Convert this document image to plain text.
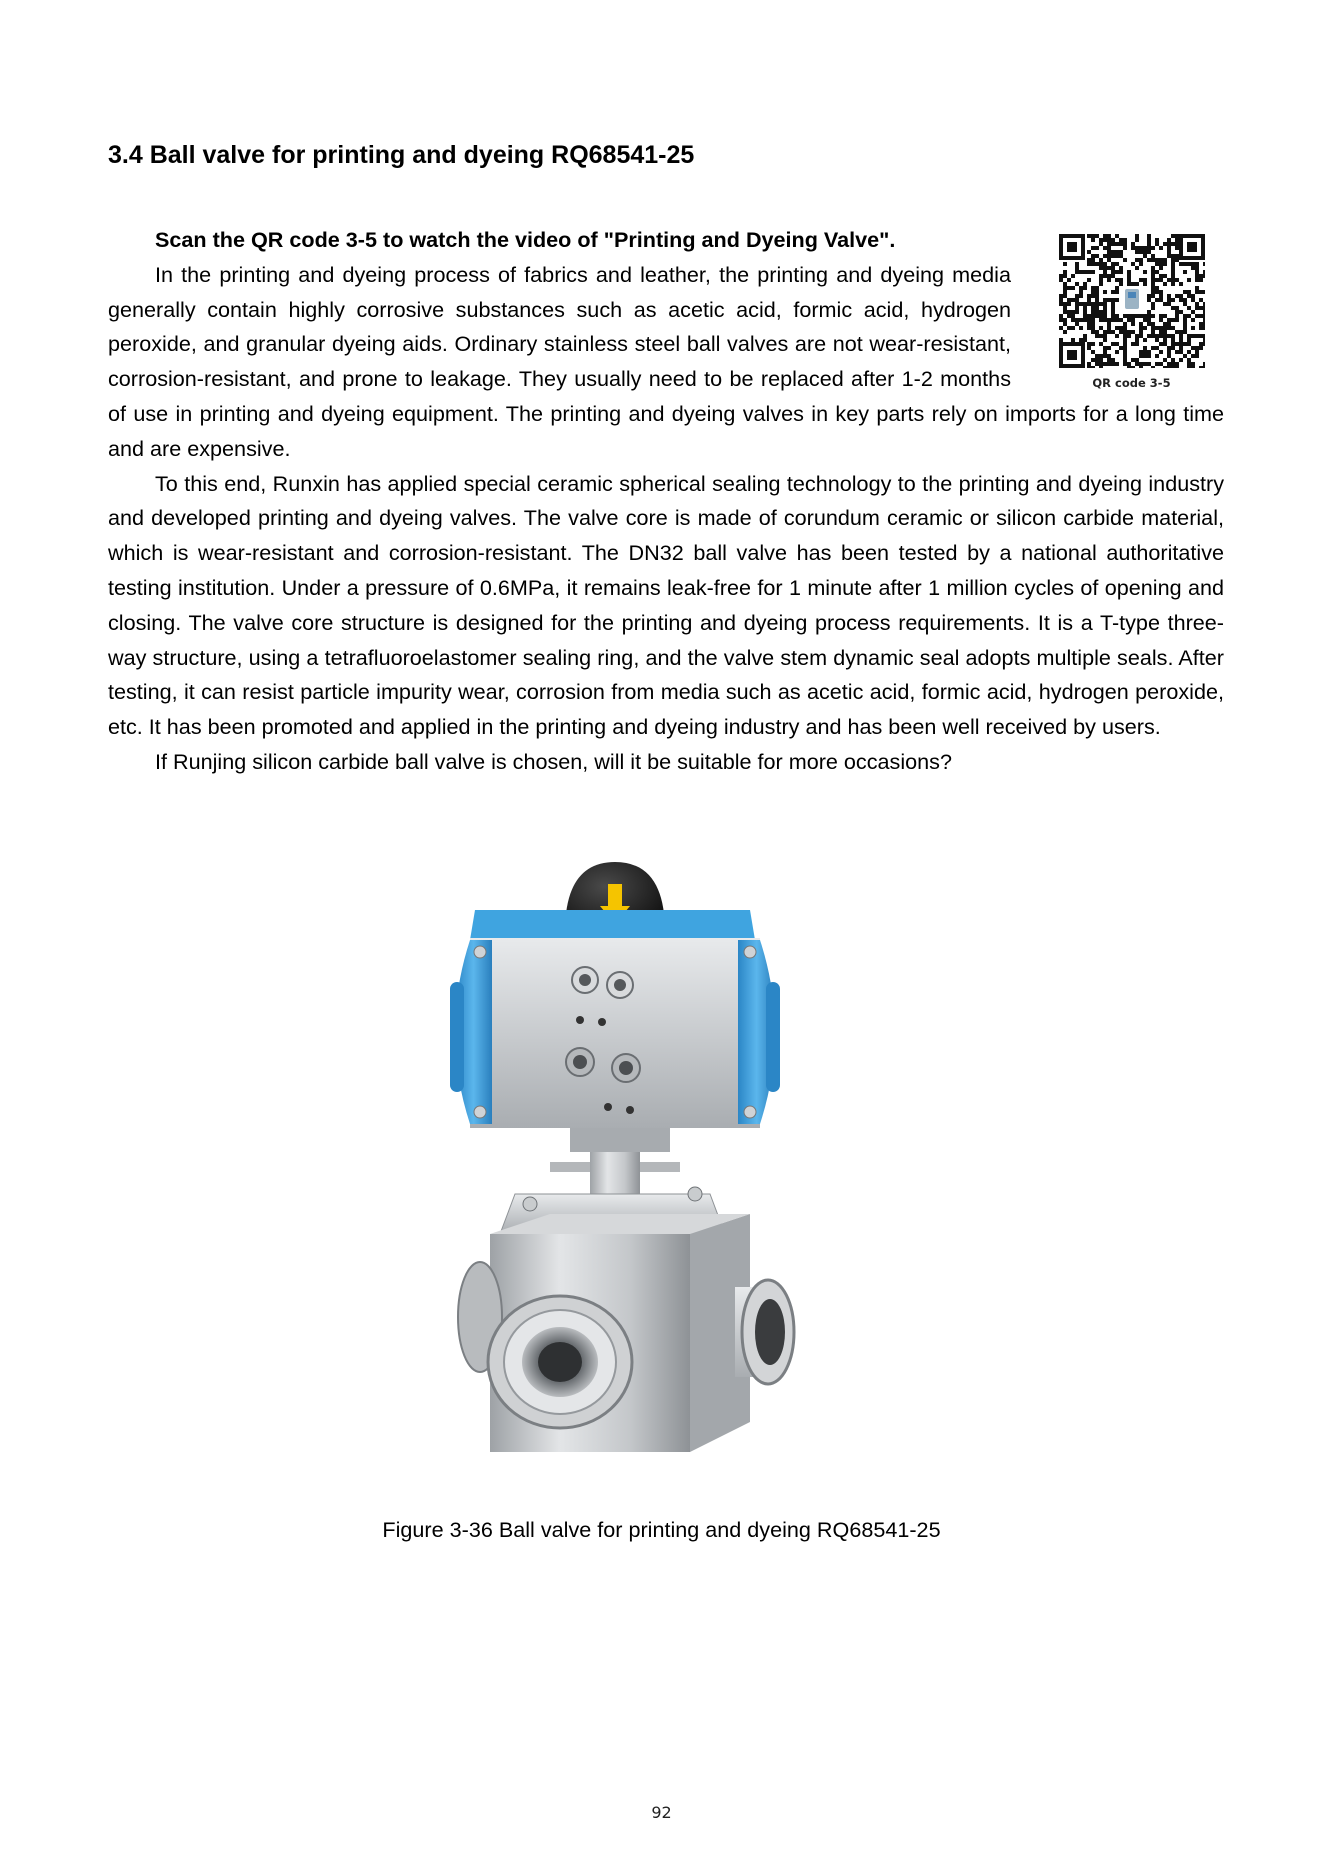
3.4 Ball valve for printing and dyeing RQ68541-25
QR code 3-5

Scan the QR code 3-5 to watch the video of "Printing and Dyeing Valve".

In the printing and dyeing process of fabrics and leather, the printing and dyeing media generally contain highly corrosive substances such as acetic acid, formic acid, hydrogen peroxide, and granular dyeing aids. Ordinary stainless steel ball valves are not wear-resistant, corrosion-resistant, and prone to leakage. They usually need to be replaced after 1-2 months of use in printing and dyeing equipment. The printing and dyeing valves in key parts rely on imports for a long time and are expensive.

To this end, Runxin has applied special ceramic spherical sealing technology to the printing and dyeing industry and developed printing and dyeing valves. The valve core is made of corundum ceramic or silicon carbide material, which is wear-resistant and corrosion-resistant. The DN32 ball valve has been tested by a national authoritative testing institution. Under a pressure of 0.6MPa, it remains leak-free for 1 minute after 1 million cycles of opening and closing. The valve core structure is designed for the printing and dyeing process requirements. It is a T-type three-way structure, using a tetrafluoroelastomer sealing ring, and the valve stem dynamic seal adopts multiple seals. After testing, it can resist particle impurity wear, corrosion from media such as acetic acid, formic acid, hydrogen peroxide, etc. It has been promoted and applied in the printing and dyeing industry and has been well received by users.

If Runjing silicon carbide ball valve is chosen, will it be suitable for more occasions?

Figure 3-36 Ball valve for printing and dyeing RQ68541-25
92
